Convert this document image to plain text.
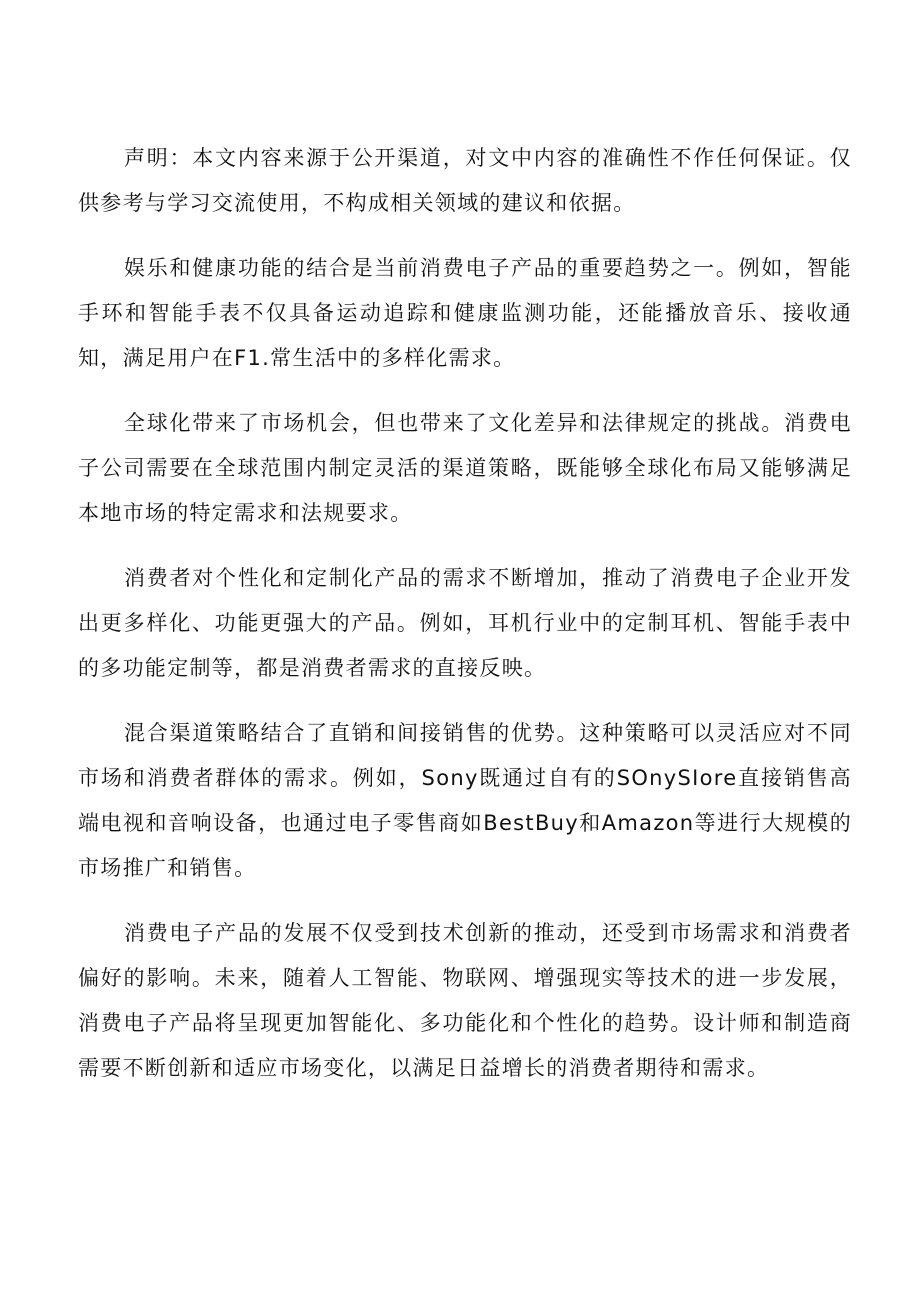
声明：本文内容来源于公开渠道，对文中内容的准确性不作任何保证。仅供参考与学习交流使用，不构成相关领域的建议和依据。

娱乐和健康功能的结合是当前消费电子产品的重要趋势之一。例如，智能手环和智能手表不仅具备运动追踪和健康监测功能，还能播放音乐、接收通知，满足用户在F1.常生活中的多样化需求。

全球化带来了市场机会，但也带来了文化差异和法律规定的挑战。消费电子公司需要在全球范围内制定灵活的渠道策略，既能够全球化布局又能够满足本地市场的特定需求和法规要求。

消费者对个性化和定制化产品的需求不断增加，推动了消费电子企业开发出更多样化、功能更强大的产品。例如，耳机行业中的定制耳机、智能手表中的多功能定制等，都是消费者需求的直接反映。

混合渠道策略结合了直销和间接销售的优势。这种策略可以灵活应对不同市场和消费者群体的需求。例如，Sony既通过自有的SOnySIore直接销售高端电视和音响设备，也通过电子零售商如BestBuy和Amazon等进行大规模的市场推广和销售。

消费电子产品的发展不仅受到技术创新的推动，还受到市场需求和消费者偏好的影响。未来，随着人工智能、物联网、增强现实等技术的进一步发展，消费电子产品将呈现更加智能化、多功能化和个性化的趋势。设计师和制造商需要不断创新和适应市场变化，以满足日益增长的消费者期待和需求。
